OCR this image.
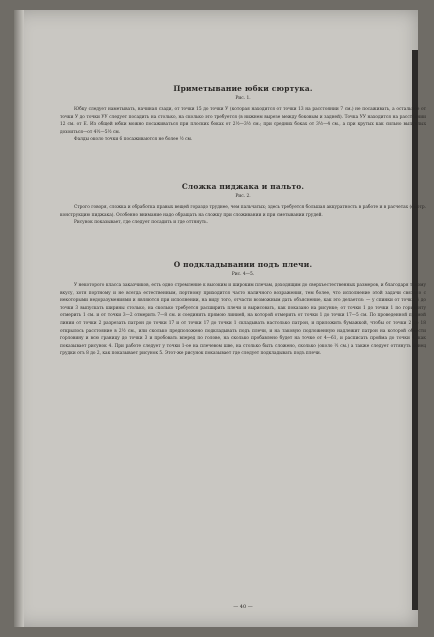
Приметывание юбки сюртука.
Рис. 1.

Юбку следует наметывать, начиная сзади, от точки 15 до точки У (которая находится от точки 13 на расстоянии 7 см.) не посаживать, а остальное от точки У до точки УУ следует посадить на столько, на сколько это требуется (в нижнем вырезе между боковым и задней). Точка УУ находится на расстоянии 12 см. от Е. Из общей юбки можно посаживаться при плоских боках от 2½—3½ см.; при средних боках от 3½—4 см., а при крутых как сильно выпуклых дохоиться—от 4½—5½ см.

Фалды около точки 6 посаживаются не более ½ см.

Сложка пиджака и пальто.
Рис. 2.

Строго говоря, сложка и обработка правых вещей гораздо труднее, чем пальчатых; здесь требуется большая аккуратность в работе и в расчетах (смотр. конструкцию пиджака). Особенно внимание надо обращать на сложку при сложивании и при сметывании грудей.

Рисунок показывает, где следует посадить и где оттянуть.

О подкладывании подъ плечи.
Рис. 4—5.

У некоторого класса заказчиков, есть одно стремление к высоким и широким плечам, доходящим до сверхъестественных размеров, и благодаря такому вкусу, хотя портному и не всегда естественным, портному приходится часто наличного возражения, тем более, что исполнение этой задачи связано с некоторыми недоразумениями и являются при исполнении, на виду того, отчасти возможным дать объяснение, как это делается: — у спинки от точки 4 до точки 3 выпускать ширины столько, на сколько требуется расширить плечи и вырисовать, как показано на рисунке; от точки 1 до точки 1 по горизонту отмерить 1 см. и от точки 3—2 отмерить 7—8 см. и соединить прямою линией, на которой отмерить от точки 1 до точки 17—5 см. По проведенной прямой линии от точки 2 разрезать патрон до точки 17 и от точки 17 до точки 1 складывать настолько патрон, и приложить бумажкой, чтобы от точки 2 до 18 открылось расстояние в 2½ см., или сколько предположено подкладывать подъ плечи, и на таковую подложенную надлежит патрон на которой обвести горловину и всю границу до точки 3 и пробовать вперед по голове, на сколько пробавлено будет на точке от 4—61, и расписать пройма до точки 4, как показывает рисунок 4. При работе следует у точки 1-ое на плечевом шве, на столько быть сложено, сколько (около ½ см.) а также следует оттянуть конец грудки отъ 8 до 2, как показывает рисунок 5. Этот-же рисунок показывает где следует подкладывать подъ плечи.

— 40 —
